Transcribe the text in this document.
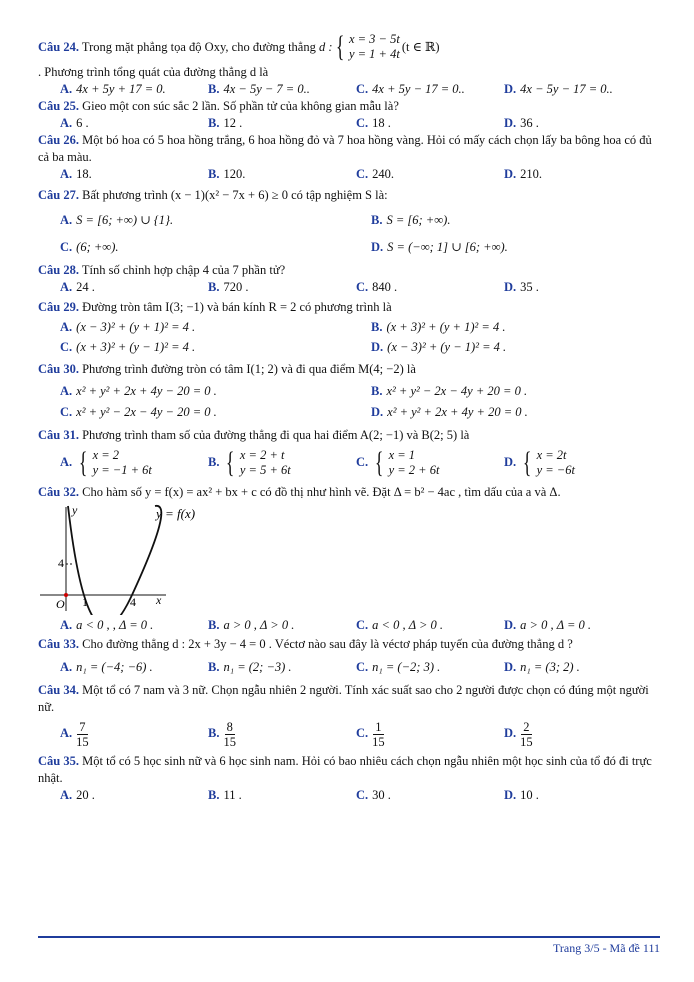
Câu 24. Trong mặt phẳng tọa độ Oxy, cho đường thẳng d : { x = 3 − 5t
y = 1 + 4t
(t ∈ ℝ)
. Phương trình tổng quát của đường thẳng d là
A. 4x + 5y + 17 = 0.	B. 4x − 5y − 7 = 0..	C. 4x + 5y − 17 = 0..	D. 4x − 5y − 17 = 0..
Câu 25. Gieo một con súc sắc 2 lần. Số phần tử của không gian mẫu là?
A. 6 .	B. 12 .	C. 18 .	D. 36 .
Câu 26. Một bó hoa có 5 hoa hồng trắng, 6 hoa hồng đỏ và 7 hoa hồng vàng. Hỏi có mấy cách chọn lấy ba bông hoa có đủ cả ba màu.
A. 18.	B. 120.	C. 240.	D. 210.
Câu 27. Bất phương trình (x − 1)(x² − 7x + 6) ≥ 0 có tập nghiệm S là:
A. S = [6; +∞) ∪ {1}.	B. S = [6; +∞).
C. (6; +∞).	D. S = (−∞; 1] ∪ [6; +∞).
Câu 28. Tính số chỉnh hợp chập 4 của 7 phần tử?
A. 24 .	B. 720 .	C. 840 .	D. 35 .
Câu 29. Đường tròn tâm I(3; −1) và bán kính R = 2 có phương trình là
A. (x − 3)² + (y + 1)² = 4 .	B. (x + 3)² + (y + 1)² = 4 .
C. (x + 3)² + (y − 1)² = 4 .	D. (x − 3)² + (y − 1)² = 4 .
Câu 30. Phương trình đường tròn có tâm I(1; 2) và đi qua điểm M(4; −2) là
A. x² + y² + 2x + 4y − 20 = 0 .	B. x² + y² − 2x − 4y + 20 = 0 .
C. x² + y² − 2x − 4y − 20 = 0 .	D. x² + y² + 2x + 4y + 20 = 0 .
Câu 31. Phương trình tham số của đường thẳng đi qua hai điểm A(2; −1) và B(2; 5) là
A. { x = 2
y = −1 + 6t
B. { x = 2 + t
y = 5 + 6t
C. { x = 1
y = 2 + 6t
D. { x = 2t
y = −6t
Câu 32. Cho hàm số y = f(x) = ax² + bx + c có đồ thị như hình vẽ. Đặt Δ = b² − 4ac , tìm dấu của a và Δ.
y	y = f(x)
4
O 1	4 x
A. a < 0 , , Δ = 0 .	B. a > 0 , Δ > 0 .	C. a < 0 , Δ > 0 .	D. a > 0 , Δ = 0 .
Câu 33. Cho đường thẳng d : 2x + 3y − 4 = 0 . Véctơ nào sau đây là véctơ pháp tuyến của đường thẳng d ?
A. n₁ = (−4; −6) .	B. n₁ = (2; −3) .	C. n₁ = (−2; 3) .	D. n₁ = (3; 2) .
Câu 34. Một tổ có 7 nam và 3 nữ. Chọn ngẫu nhiên 2 người. Tính xác suất sao cho 2 người được chọn có đúng một người nữ.
A. $\frac{7}{15}$	B. $\frac{8}{15}$	C. $\frac{1}{15}$	D. $\frac{2}{15}$
Câu 35. Một tổ có 5 học sinh nữ và 6 học sinh nam. Hỏi có bao nhiêu cách chọn ngẫu nhiên một học sinh của tổ đó đi trực nhật.
A. 20 .	B. 11 .	C. 30 .	D. 10 .
Trang 3/5 - Mã đề 111
